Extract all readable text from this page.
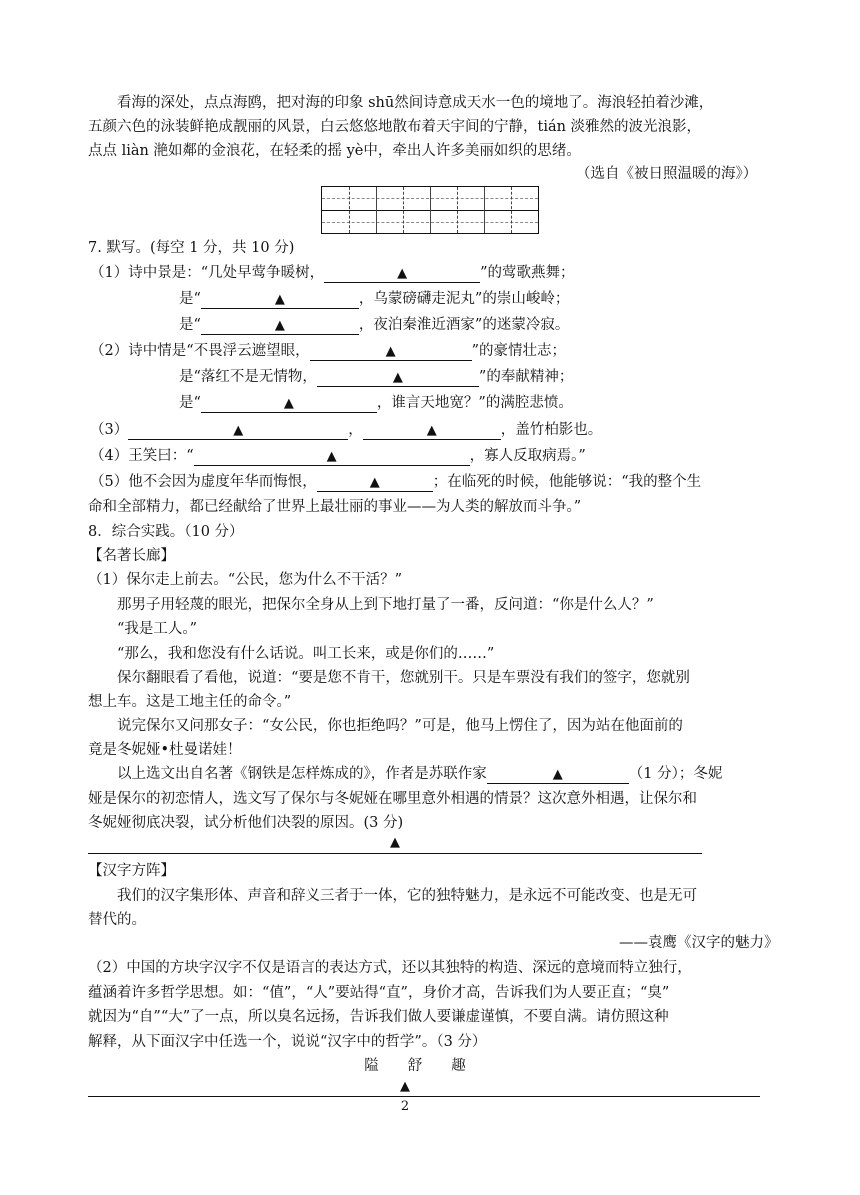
看海的深处，点点海鸥，把对海的印象 shū然间诗意成天水一色的境地了。海浪轻拍着沙滩，
五颜六色的泳装鲜艳成靓丽的风景，白云悠悠地散布着天宇间的宁静，tián 淡雅然的波光浪影，
点点 liàn 滟如鄰的金浪花，在轻柔的摇 yè中，牵出人许多美丽如织的思绪。
（选自《被日照温暖的海》）
7. 默写。(每空 1 分，共 10 分)
（1）诗中景是：“几处早莺争暖树，	▲	”的莺歌燕舞；
是“	▲	，乌蒙磅礴走泥丸”的崇山峻岭；
是“	▲	，夜泊秦淮近酒家”的迷蒙冷寂。
（2）诗中情是“不畏浮云遮望眼，	▲	”的豪情壮志；
是“落红不是无情物，	▲	”的奉献精神；
是“	▲	，谁言天地宽？”的满腔悲愤。
（3）	▲	，	▲	，盖竹柏影也。
（4）王笑曰：“	▲	，寡人反取病焉。”
（5）他不会因为虚度年华而悔恨，	▲	；在临死的时候，他能够说：“我的整个生
命和全部精力，都已经献给了世界上最壮丽的事业——为人类的解放而斗争。”
8．综合实践。（10 分）
【名著长廊】
（1）保尔走上前去。“公民，您为什么不干活？”
那男子用轻蔑的眼光，把保尔全身从上到下地打量了一番，反问道：“你是什么人？”
“我是工人。”
“那么，我和您没有什么话说。叫工长来，或是你们的……”
保尔翻眼看了看他，说道：“要是您不肯干，您就别干。只是车票没有我们的签字，您就别
想上车。这是工地主任的命令。”
说完保尔又问那女子：“女公民，你也拒绝吗？”可是，他马上愣住了，因为站在他面前的
竟是冬妮娅•杜曼诺娃！
以上选文出自名著《钢铁是怎样炼成的》，作者是苏联作家	▲	（1 分）；冬妮
娅是保尔的初恋情人，选文写了保尔与冬妮娅在哪里意外相遇的情景？这次意外相遇，让保尔和
冬妮娅彻底决裂，试分析他们决裂的原因。(3 分)
▲
【汉字方阵】
我们的汉字集形体、声音和辞义三者于一体，它的独特魅力，是永远不可能改变、也是无可
替代的。
——袁鹰《汉字的魅力》
（2）中国的方块字汉字不仅是语言的表达方式，还以其独特的构造、深远的意境而特立独行，
蕴涵着许多哲学思想。如：“值”，“人”要站得“直”，身价才高，告诉我们为人要正直；“臭”
就因为“自”“大”了一点，所以臭名远扬，告诉我们做人要谦虚谨慎，不要自满。请仿照这种
解释，从下面汉字中任选一个，说说“汉字中的哲学”。（3 分）
隘　　舒　　趣
▲
2
